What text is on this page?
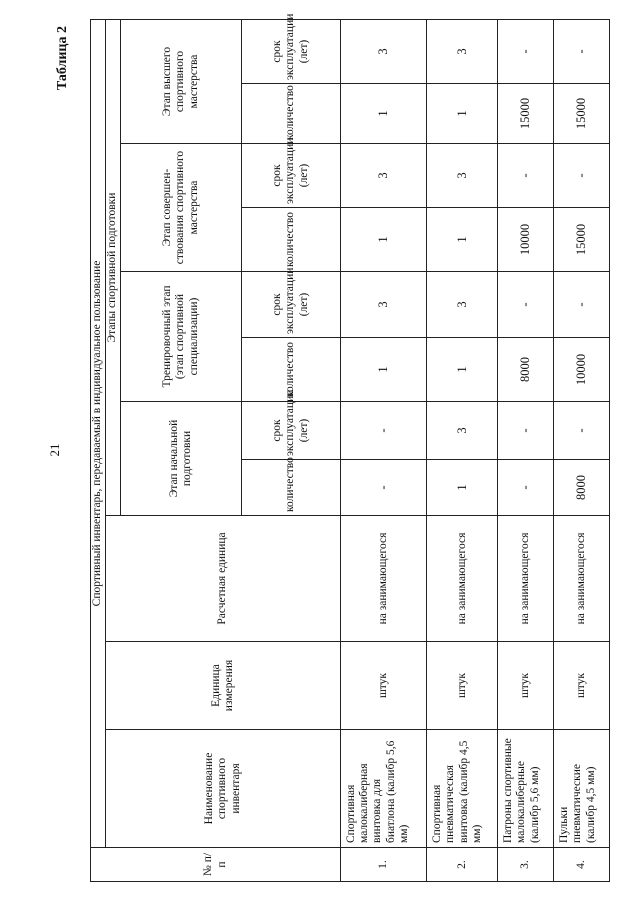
21
Таблица 2
№ п/п	Спортивный инвентарь, передаваемый в индивидуальное пользование										
	Наименование спортивного инвентаря	Единица измерения	Расчетная единица	Этапы спортивной подготовки							
				Этап начальной подготовки		Тренировочный этап (этап спортивной специализации)		Этап совершен-ствования спортивного мастерства		Этап высшего спортивного мастерства	
				количество	срок эксплуатации (лет)	количество	срок эксплуатации (лет)	количество	срок эксплуатации (лет)	количество	срок эксплуатации (лет)
1.	Спортивная малокалиберная винтовка для биатлона (калибр 5,6 мм)	штук	на занимающегося	-	-	1	3	1	3	1	3
2.	Спортивная пневматическая винтовка (калибр 4,5 мм)	штук	на занимающегося	1	3	1	3	1	3	1	3
3.	Патроны спортивные малокалиберные (калибр 5,6 мм)	штук	на занимающегося	-	-	8000	-	10000	-	15000	-
4.	Пульки пневматические (калибр 4,5 мм)	штук	на занимающегося	8000	-	10000	-	15000	-	15000	-
